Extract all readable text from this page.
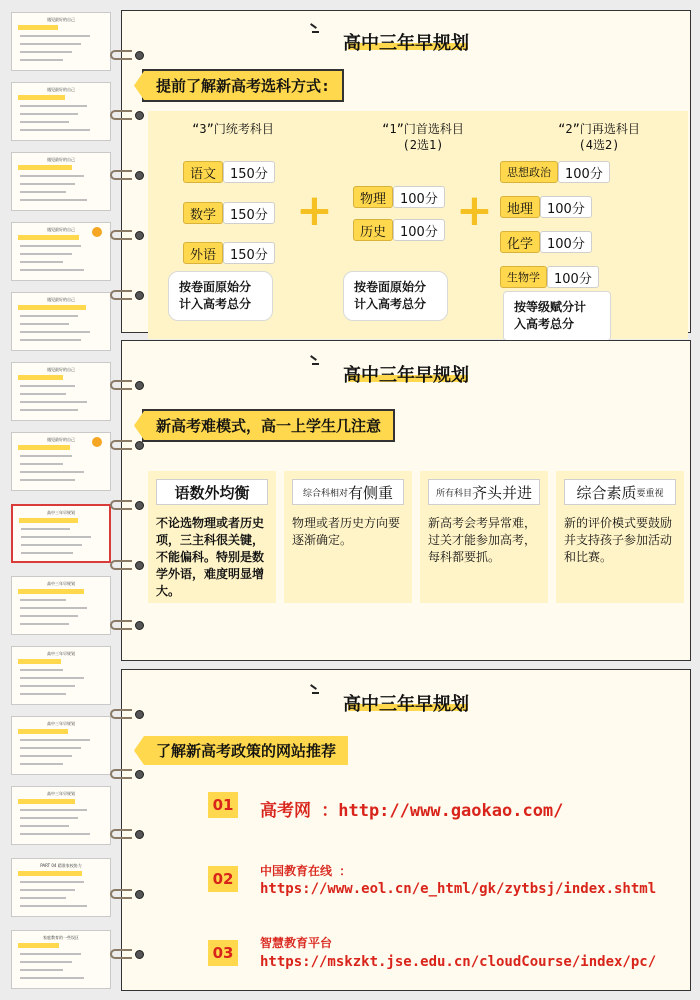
遇见最好的自己
遇见最好的自己
遇见最好的自己
遇见最好的自己
遇见最好的自己
遇见最好的自己
遇见最好的自己
高中三年早规划
高中三年早规划
高中三年早规划
高中三年早规划
高中三年早规划
PART 04 精准家校协力
家庭教育的一些误区
高中三年早规划
提前了解新高考选科方式:
“3”门统考科目	“1”门首选科目
(2选1)
“2”门再选科目
(4选2)
语文	150分
数学	150分
外语	150分
按卷面原始分
计入高考总分
+	物理	100分
历史	100分
按卷面原始分
计入高考总分
+
思想政治	100分
地理	100分
化学	100分
生物学	100分
按等级赋分计
入高考总分
高中三年早规划
新高考难模式，高一上学生几注意
语数外均衡
不论选物理或者历史项，三主科很关键，不能偏科。特别是数学外语，难度明显增大。
综合科相对 有侧重
物理或者历史方向要逐渐确定。
所有科目 齐头并进
新高考会考异常难，过关才能参加高考，每科都要抓。
综合素质 要重视
新的评价模式要鼓励并支持孩子参加活动和比赛。
高中三年早规划
了解新高考政策的网站推荐
01 高考网 ：http://www.gaokao.com/
02	中国教育在线 ：
https://www.eol.cn/e_html/gk/zytbsj/index.shtml
03
智慧教育平台
https://mskzkt.jse.edu.cn/cloudCourse/index/pc/
